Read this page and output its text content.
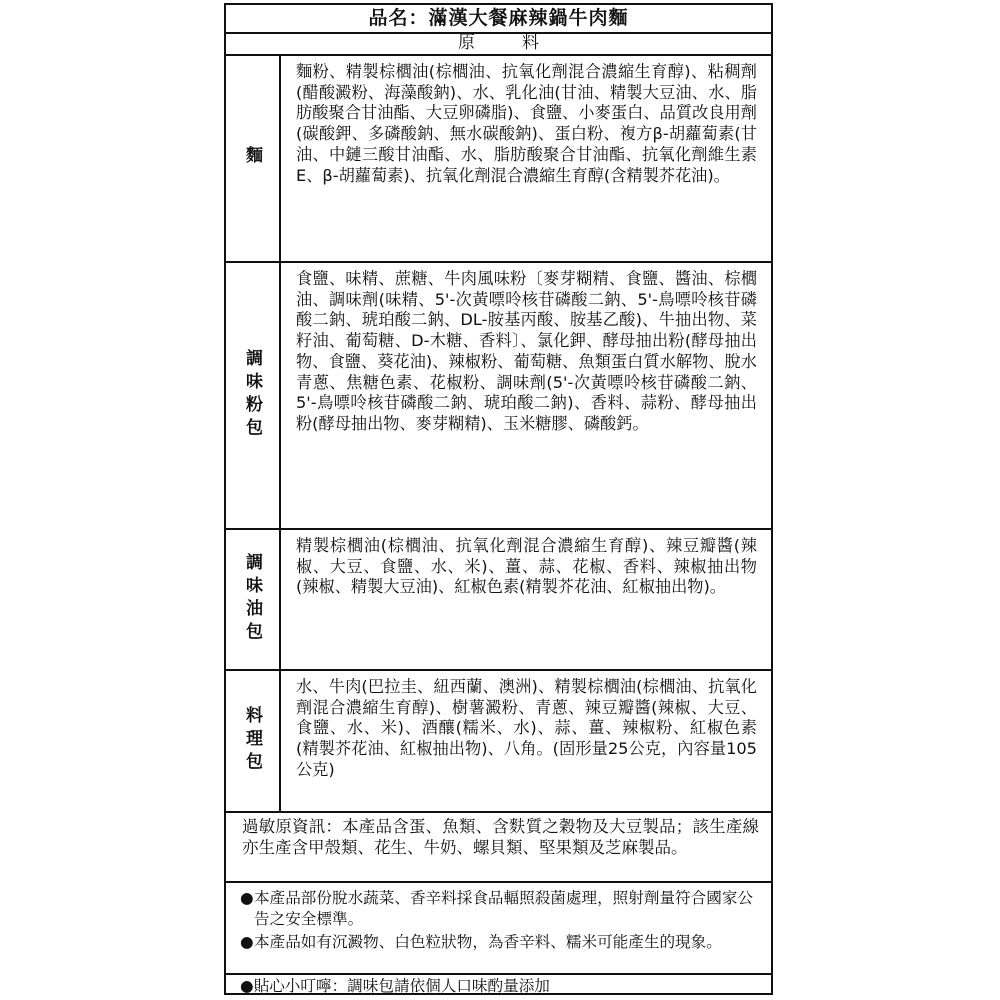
品名：滿漢大餐麻辣鍋牛肉麵
原	料
麵
麵粉、精製棕櫚油(棕櫚油、抗氧化劑混合濃縮生育醇)、粘稠劑(醋酸澱粉、海藻酸鈉)、水、乳化油(甘油、精製大豆油、水、脂肪酸聚合甘油酯、大豆卵磷脂)、食鹽、小麥蛋白、品質改良用劑(碳酸鉀、多磷酸鈉、無水碳酸鈉)、蛋白粉、複方β-胡蘿蔔素(甘油、中鏈三酸甘油酯、水、脂肪酸聚合甘油酯、抗氧化劑維生素E、β-胡蘿蔔素)、抗氧化劑混合濃縮生育醇(含精製芥花油)。
調味粉包
食鹽、味精、蔗糖、牛肉風味粉〔麥芽糊精、食鹽、醬油、棕櫚油、調味劑(味精、5'-次黃嘌呤核苷磷酸二鈉、5'-鳥嘌呤核苷磷酸二鈉、琥珀酸二鈉、DL-胺基丙酸、胺基乙酸)、牛抽出物、菜籽油、葡萄糖、D-木糖、香料〕、氯化鉀、酵母抽出粉(酵母抽出物、食鹽、葵花油)、辣椒粉、葡萄糖、魚類蛋白質水解物、脫水青蔥、焦糖色素、花椒粉、調味劑(5'-次黃嘌呤核苷磷酸二鈉、5'-鳥嘌呤核苷磷酸二鈉、琥珀酸二鈉)、香料、蒜粉、酵母抽出粉(酵母抽出物、麥芽糊精)、玉米糖膠、磷酸鈣。
調味油包
精製棕櫚油(棕櫚油、抗氧化劑混合濃縮生育醇)、辣豆瓣醬(辣椒、大豆、食鹽、水、米)、薑、蒜、花椒、香料、辣椒抽出物(辣椒、精製大豆油)、紅椒色素(精製芥花油、紅椒抽出物)。
料理包
水、牛肉(巴拉圭、紐西蘭、澳洲)、精製棕櫚油(棕櫚油、抗氧化劑混合濃縮生育醇)、樹薯澱粉、青蔥、辣豆瓣醬(辣椒、大豆、食鹽、水、米)、酒釀(糯米、水)、蒜、薑、辣椒粉、紅椒色素(精製芥花油、紅椒抽出物)、八角。(固形量25公克，內容量105公克)
過敏原資訊：本產品含蛋、魚類、含麩質之穀物及大豆製品；該生產線亦生產含甲殼類、花生、牛奶、螺貝類、堅果類及芝麻製品。
● 本產品部份脫水蔬菜、香辛料採食品輻照殺菌處理，照射劑量符合國家公告之安全標準。
● 本產品如有沉澱物、白色粒狀物，為香辛料、糯米可能產生的現象。
●貼心小叮嚀：調味包請依個人口味酌量添加
